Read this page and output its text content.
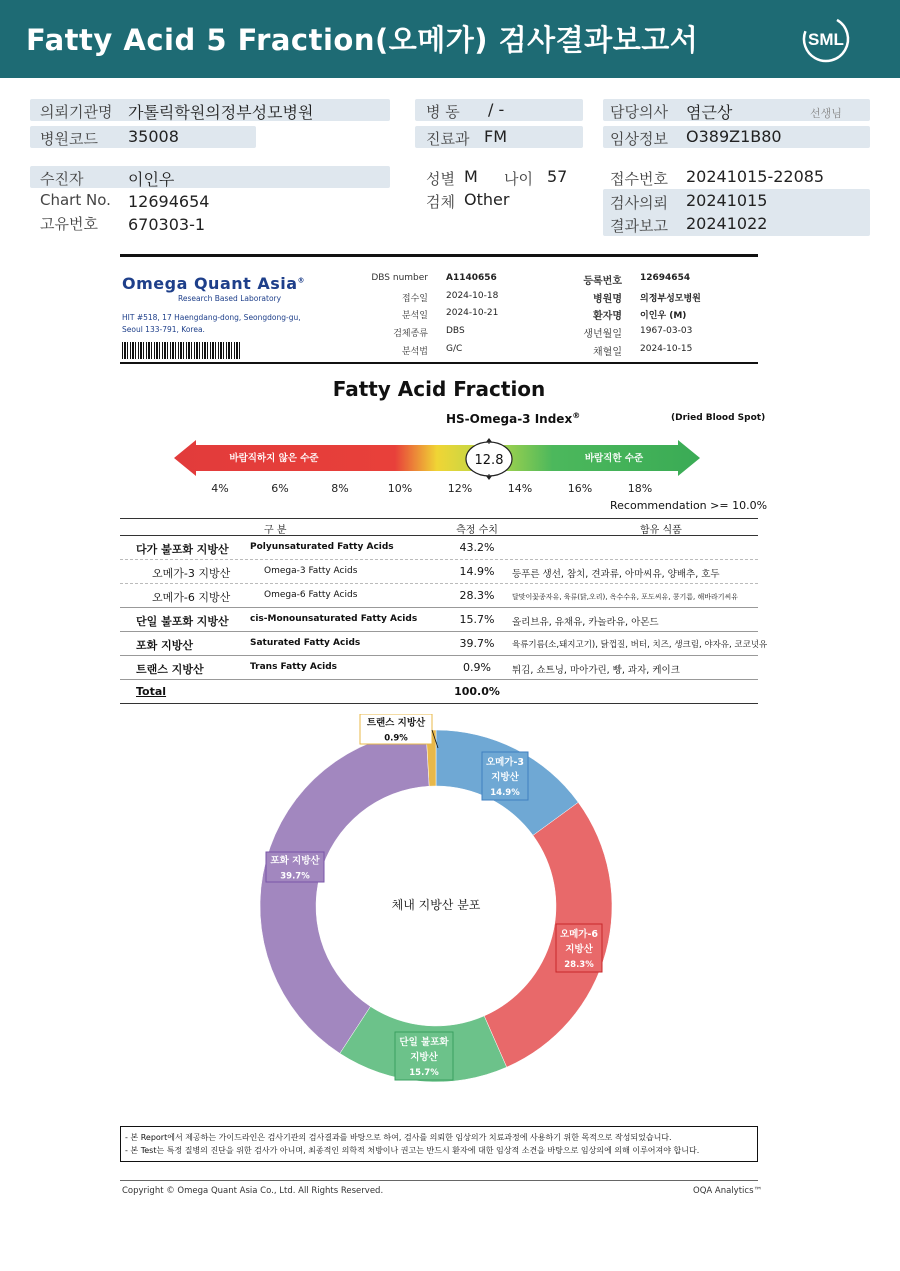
Fatty Acid 5 Fraction(오메가) 검사결과보고서	SML
의뢰기관명 가톨릭학원의정부성모병원
병원코드 35008
병 동 / -
진료과 FM
담당의사 염근상	선생님
임상정보 O389Z1B80
수진자	이인우
Chart No. 12694654
고유번호 670303-1
성별 M 나이 57
검체 Other
접수번호 20241015-22085
검사의뢰 20241015
결과보고 20241022
Omega Quant Asia®
Research Based Laboratory
HIT #518, 17 Haengdang-dong, Seongdong-gu,
Seoul 133-791, Korea.
DBS number A1140656
접수일 2024-10-18
분석일 2024-10-21
검체종류 DBS
분석법 G/C
등록번호 12694654
병원명 의정부성모병원
환자명 이인우 (M)
생년월일 1967-03-03
채혈일 2024-10-15
Fatty Acid Fraction
HS-Omega-3 Index®	(Dried Blood Spot)
바람직하지 않은 수준	바람직한 수준
12.8
4%	6%	8%	10%	12%	14%	16%	18%
Recommendation >= 10.0%
구 분	측정 수치	함유 식품
다가 불포화 지방산 Polyunsaturated Fatty Acids	43.2%
오메가-3 지방산	Omega-3 Fatty Acids	14.9%	등푸른 생선, 참치, 견과류, 아마씨유, 양배추, 호두
오메가-6 지방산	Omega-6 Fatty Acids	28.3%	달맞이꽃종자유, 육류(닭,오리), 옥수수유, 포도씨유, 콩기름, 해바라기씨유
단일 불포화 지방산 cis-Monounsaturated Fatty Acids	15.7%	올리브유, 유채유, 카놀라유, 아몬드
포화 지방산	Saturated Fatty Acids	39.7%	육류기름(소,돼지고기), 닭껍질, 버터, 치즈, 생크림, 야자유, 코코넛유
트랜스 지방산	Trans Fatty Acids	0.9%	튀김, 쇼트닝, 마아가린, 빵, 과자, 케이크
Total	100.0%
체내 지방산 분포
트랜스 지방산
0.9%
오메가-3
지방산
14.9%
오메가-6
지방산
28.3%
단일 불포화
지방산
15.7%
포화 지방산
39.7%
- 본 Report에서 제공하는 가이드라인은 검사기관의 검사결과를 바탕으로 하여, 검사를 의뢰한 임상의가 치료과정에 사용하기 위한 목적으로 작성되었습니다.
- 본 Test는 특정 질병의 진단을 위한 검사가 아니며, 최종적인 의학적 처방이나 권고는 반드시 환자에 대한 임상적 소견을 바탕으로 임상의에 의해 이루어져야 합니다.
Copyright © Omega Quant Asia Co., Ltd. All Rights Reserved.	OQA Analytics™
